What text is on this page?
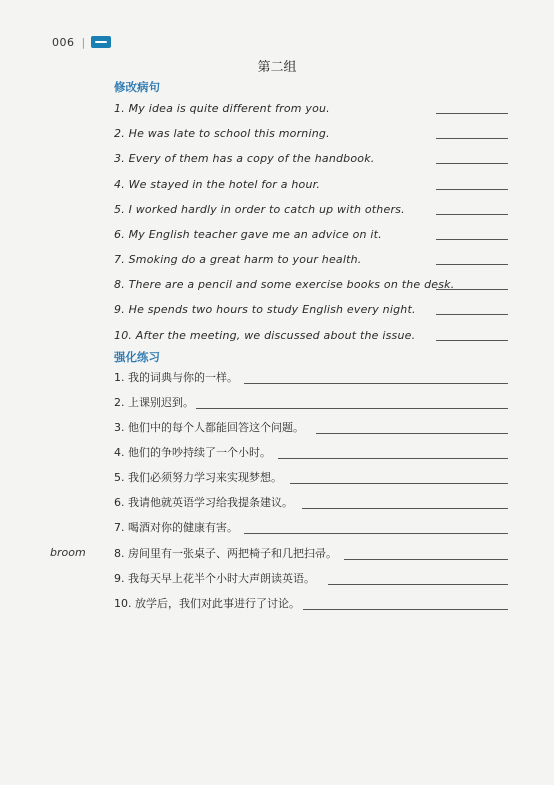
006 |
第二组
修改病句
1. My idea is quite different from you.
2. He was late to school this morning.
3. Every of them has a copy of the handbook.
4. We stayed in the hotel for a hour.
5. I worked hardly in order to catch up with others.
6. My English teacher gave me an advice on it.
7. Smoking do a great harm to your health.
8. There are a pencil and some exercise books on the desk.
9. He spends two hours to study English every night.
10. After the meeting, we discussed about the issue.
强化练习
1. 我的词典与你的一样。
2. 上课别迟到。
3. 他们中的每个人都能回答这个问题。
4. 他们的争吵持续了一个小时。
5. 我们必须努力学习来实现梦想。
6. 我请他就英语学习给我提条建议。
7. 喝酒对你的健康有害。
8. 房间里有一张桌子、两把椅子和几把扫帚。
9. 我每天早上花半个小时大声朗读英语。
10. 放学后，我们对此事进行了讨论。
broom
